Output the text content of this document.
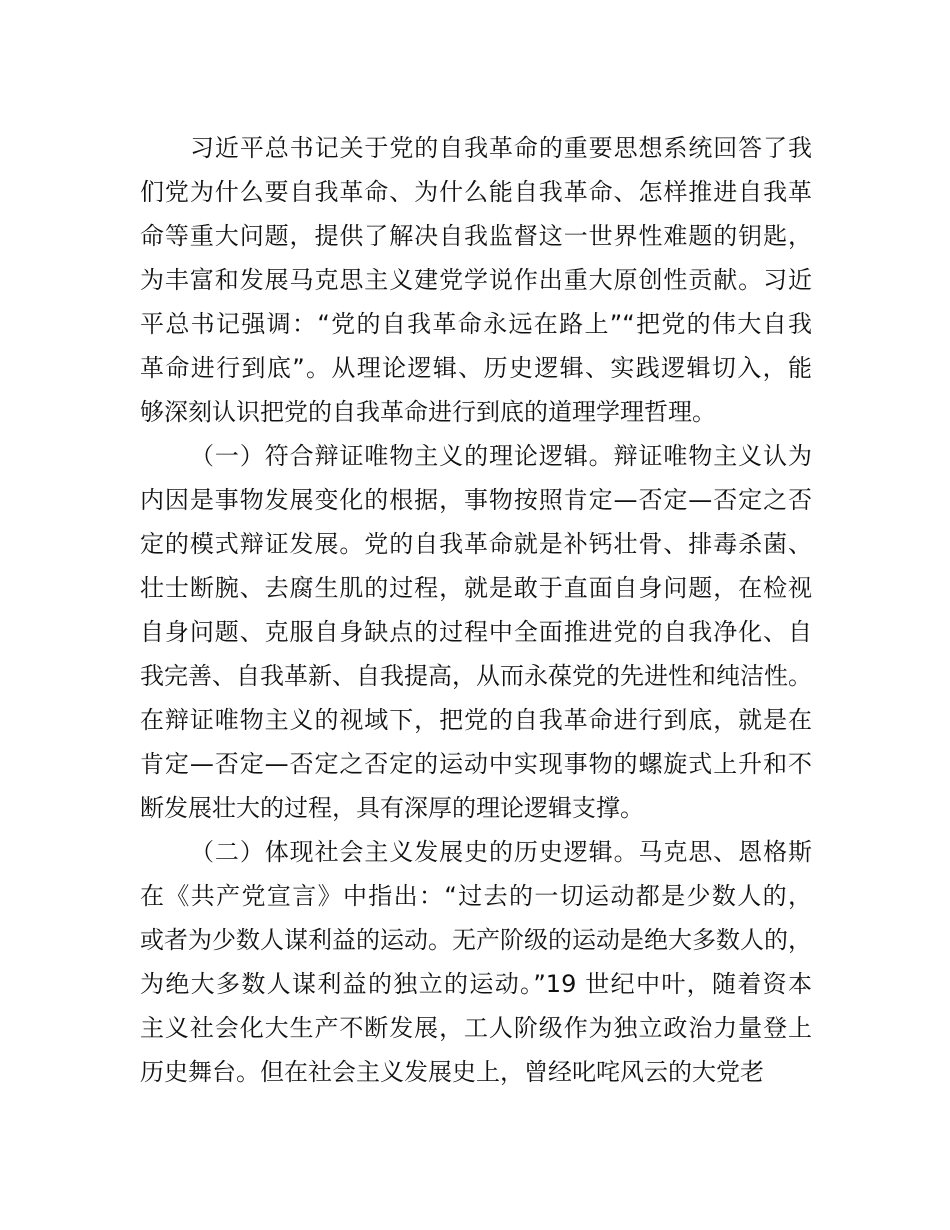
习近平总书记关于党的自我革命的重要思想系统回答了我
们党为什么要自我革命、为什么能自我革命、怎样推进自我革
命等重大问题，提供了解决自我监督这一世界性难题的钥匙，
为丰富和发展马克思主义建党学说作出重大原创性贡献。习近
平总书记强调：“党的自我革命永远在路上”“把党的伟大自我
革命进行到底”。从理论逻辑、历史逻辑、实践逻辑切入，能
够深刻认识把党的自我革命进行到底的道理学理哲理。
（一）符合辩证唯物主义的理论逻辑。辩证唯物主义认为
内因是事物发展变化的根据，事物按照肯定—否定—否定之否
定的模式辩证发展。党的自我革命就是补钙壮骨、排毒杀菌、
壮士断腕、去腐生肌的过程，就是敢于直面自身问题，在检视
自身问题、克服自身缺点的过程中全面推进党的自我净化、自
我完善、自我革新、自我提高，从而永葆党的先进性和纯洁性。
在辩证唯物主义的视域下，把党的自我革命进行到底，就是在
肯定—否定—否定之否定的运动中实现事物的螺旋式上升和不
断发展壮大的过程，具有深厚的理论逻辑支撑。
（二）体现社会主义发展史的历史逻辑。马克思、恩格斯
在《共产党宣言》中指出：“过去的一切运动都是少数人的，
或者为少数人谋利益的运动。无产阶级的运动是绝大多数人的，
为绝大多数人谋利益的独立的运动。”19 世纪中叶，随着资本
主义社会化大生产不断发展，工人阶级作为独立政治力量登上
历史舞台。但在社会主义发展史上，曾经叱咤风云的大党老
